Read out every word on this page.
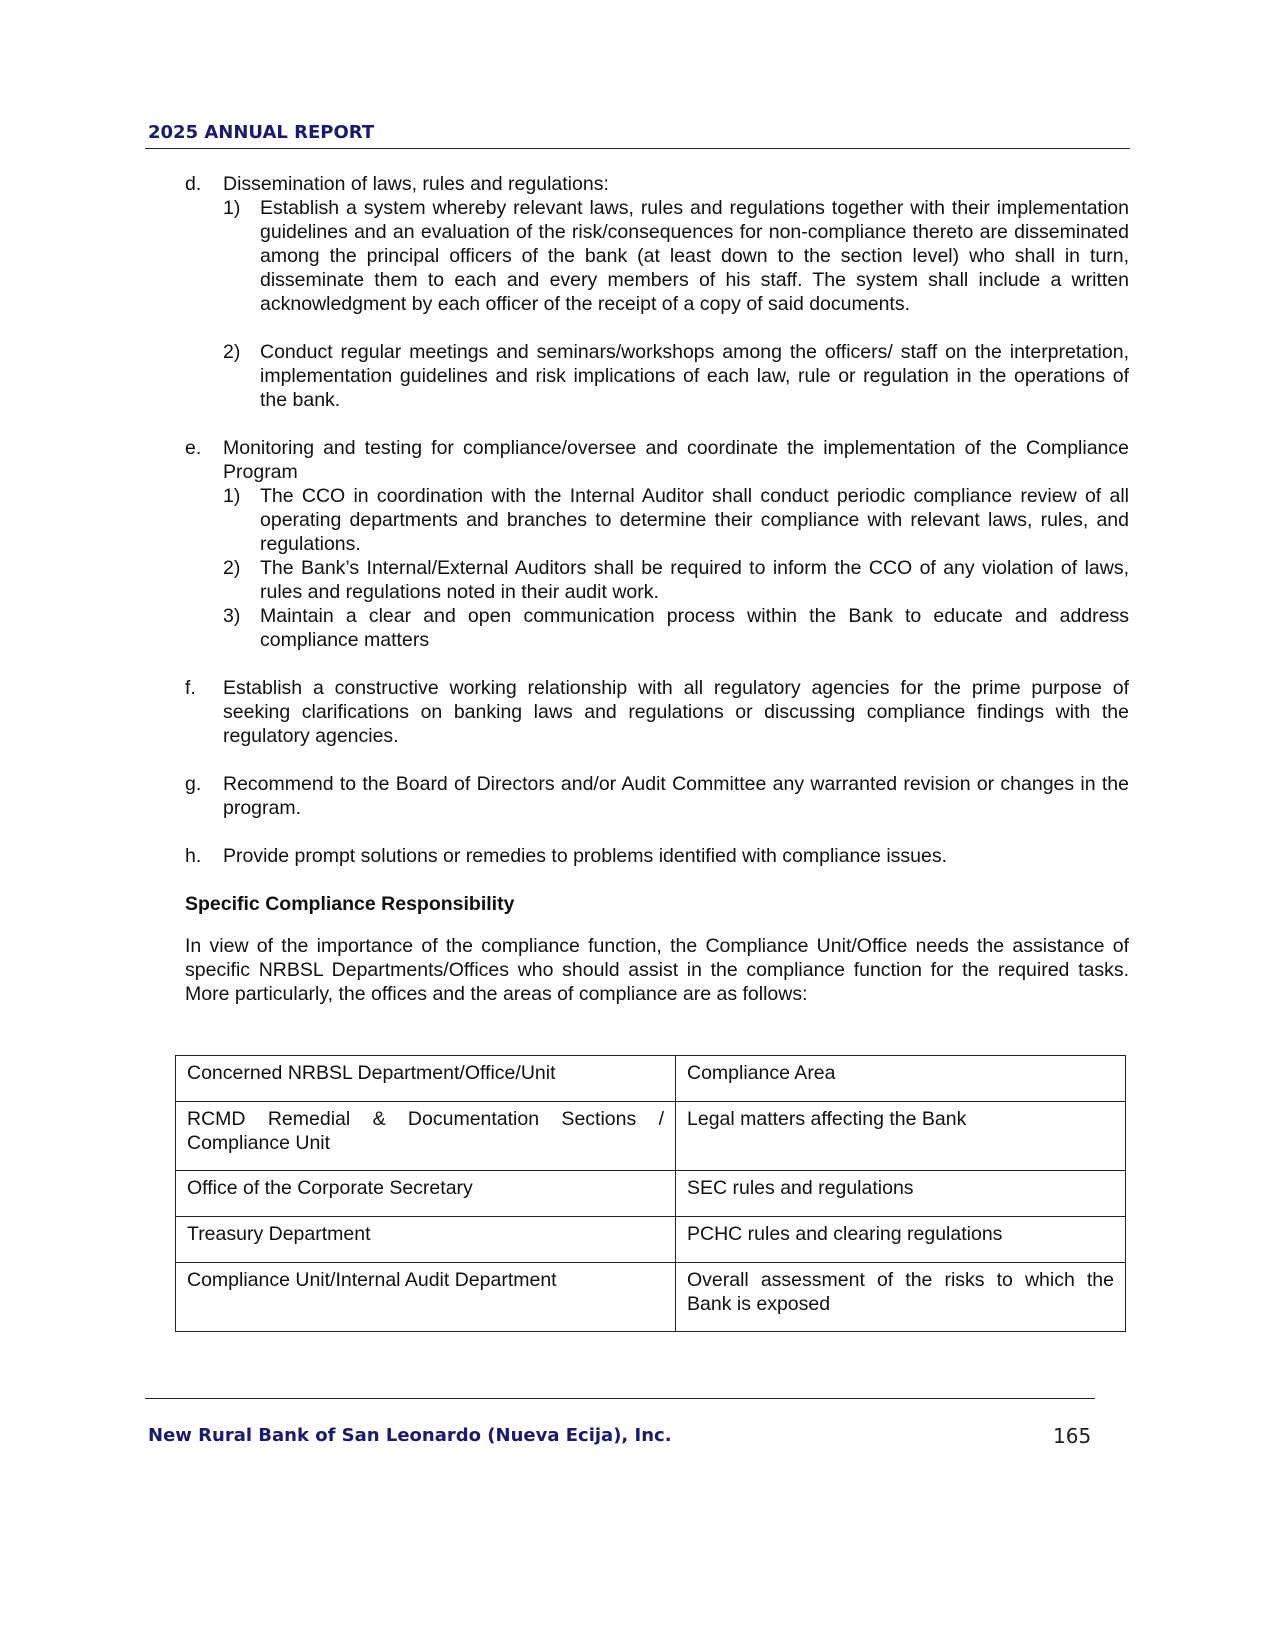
2025 ANNUAL REPORT
d.	Dissemination of laws, rules and regulations:
1)	Establish a system whereby relevant laws, rules and regulations together with their implementation guidelines and an evaluation of the risk/consequences for non-compliance thereto are disseminated among the principal officers of the bank (at least down to the section level) who shall in turn, disseminate them to each and every members of his staff. The system shall include a written acknowledgment by each officer of the receipt of a copy of said documents.
2)	Conduct regular meetings and seminars/workshops among the officers/ staff on the interpretation, implementation guidelines and risk implications of each law, rule or regulation in the operations of the bank.
e.	Monitoring and testing for compliance/oversee and coordinate the implementation of the Compliance Program
1)	The CCO in coordination with the Internal Auditor shall conduct periodic compliance review of all operating departments and branches to determine their compliance with relevant laws, rules, and regulations.
2)	The Bank’s Internal/External Auditors shall be required to inform the CCO of any violation of laws, rules and regulations noted in their audit work.
3)	Maintain a clear and open communication process within the Bank to educate and address compliance matters
f.	Establish a constructive working relationship with all regulatory agencies for the prime purpose of seeking clarifications on banking laws and regulations or discussing compliance findings with the regulatory agencies.
g.	Recommend to the Board of Directors and/or Audit Committee any warranted revision or changes in the program.
h.	Provide prompt solutions or remedies to problems identified with compliance issues.
Specific Compliance Responsibility
In view of the importance of the compliance function, the Compliance Unit/Office needs the assistance of specific NRBSL Departments/Offices who should assist in the compliance function for the required tasks. More particularly, the offices and the areas of compliance are as follows:
Concerned NRBSL Department/Office/Unit	Compliance Area
RCMD Remedial & Documentation Sections / Compliance Unit	Legal matters affecting the Bank
Office of the Corporate Secretary	SEC rules and regulations
Treasury Department	PCHC rules and clearing regulations
Compliance Unit/Internal Audit Department	Overall assessment of the risks to which the Bank is exposed
New Rural Bank of San Leonardo (Nueva Ecija), Inc.	165
